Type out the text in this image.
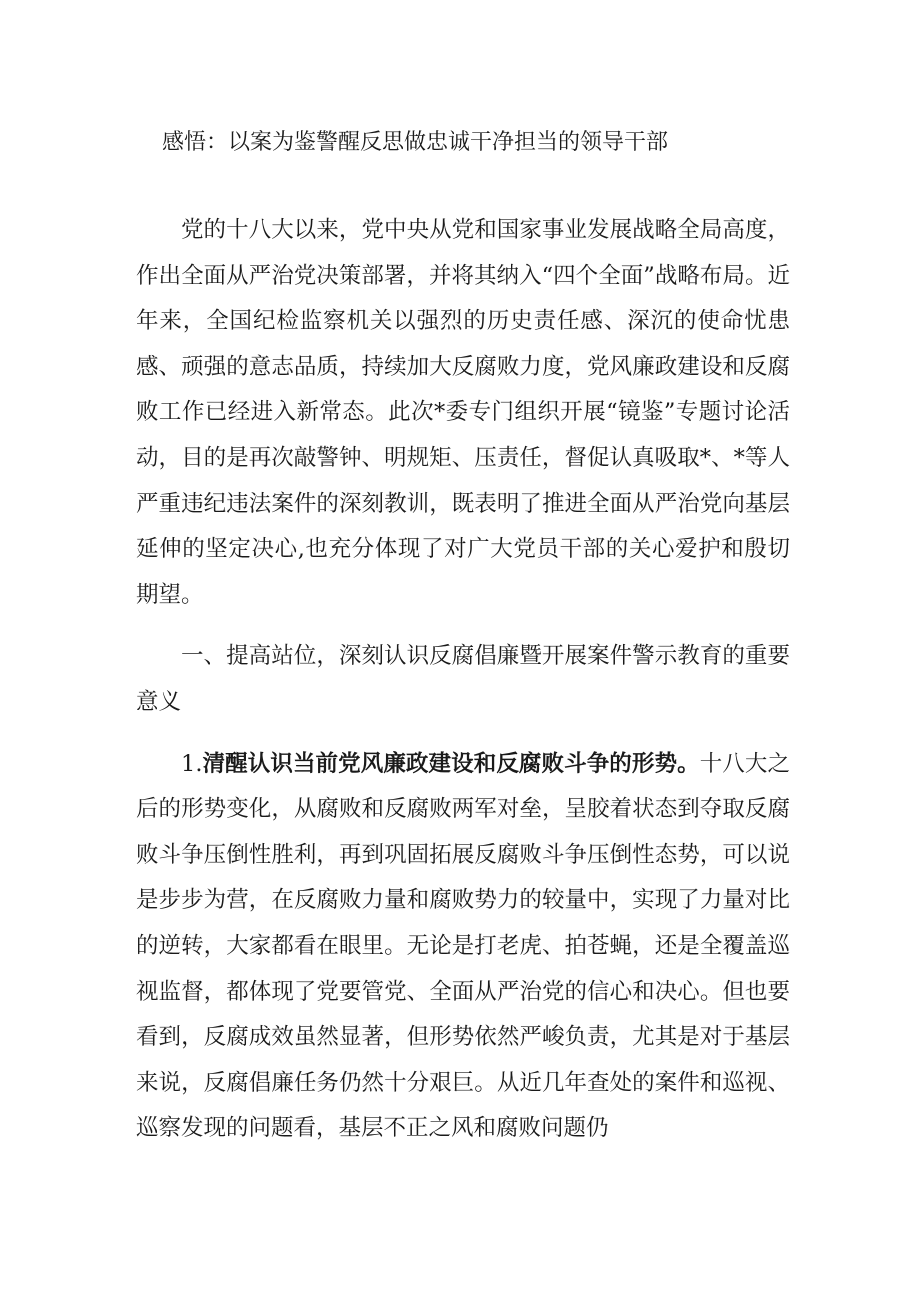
感悟：以案为鉴警醒反思做忠诚干净担当的领导干部

党的十八大以来，党中央从党和国家事业发展战略全局高度，作出全面从严治党决策部署，并将其纳入“四个全面”战略布局。近年来，全国纪检监察机关以强烈的历史责任感、深沉的使命忧患感、顽强的意志品质，持续加大反腐败力度，党风廉政建设和反腐败工作已经进入新常态。此次*委专门组织开展“镜鉴”专题讨论活动，目的是再次敲警钟、明规矩、压责任，督促认真吸取*、*等人严重违纪违法案件的深刻教训，既表明了推进全面从严治党向基层延伸的坚定决心,也充分体现了对广大党员干部的关心爱护和殷切期望。

一、提高站位，深刻认识反腐倡廉暨开展案件警示教育的重要意义

1.清醒认识当前党风廉政建设和反腐败斗争的形势。十八大之后的形势变化，从腐败和反腐败两军对垒，呈胶着状态到夺取反腐败斗争压倒性胜利，再到巩固拓展反腐败斗争压倒性态势，可以说是步步为营，在反腐败力量和腐败势力的较量中，实现了力量对比的逆转，大家都看在眼里。无论是打老虎、拍苍蝇，还是全覆盖巡视监督，都体现了党要管党、全面从严治党的信心和决心。但也要看到，反腐成效虽然显著，但形势依然严峻负责，尤其是对于基层来说，反腐倡廉任务仍然十分艰巨。从近几年查处的案件和巡视、巡察发现的问题看，基层不正之风和腐败问题仍
